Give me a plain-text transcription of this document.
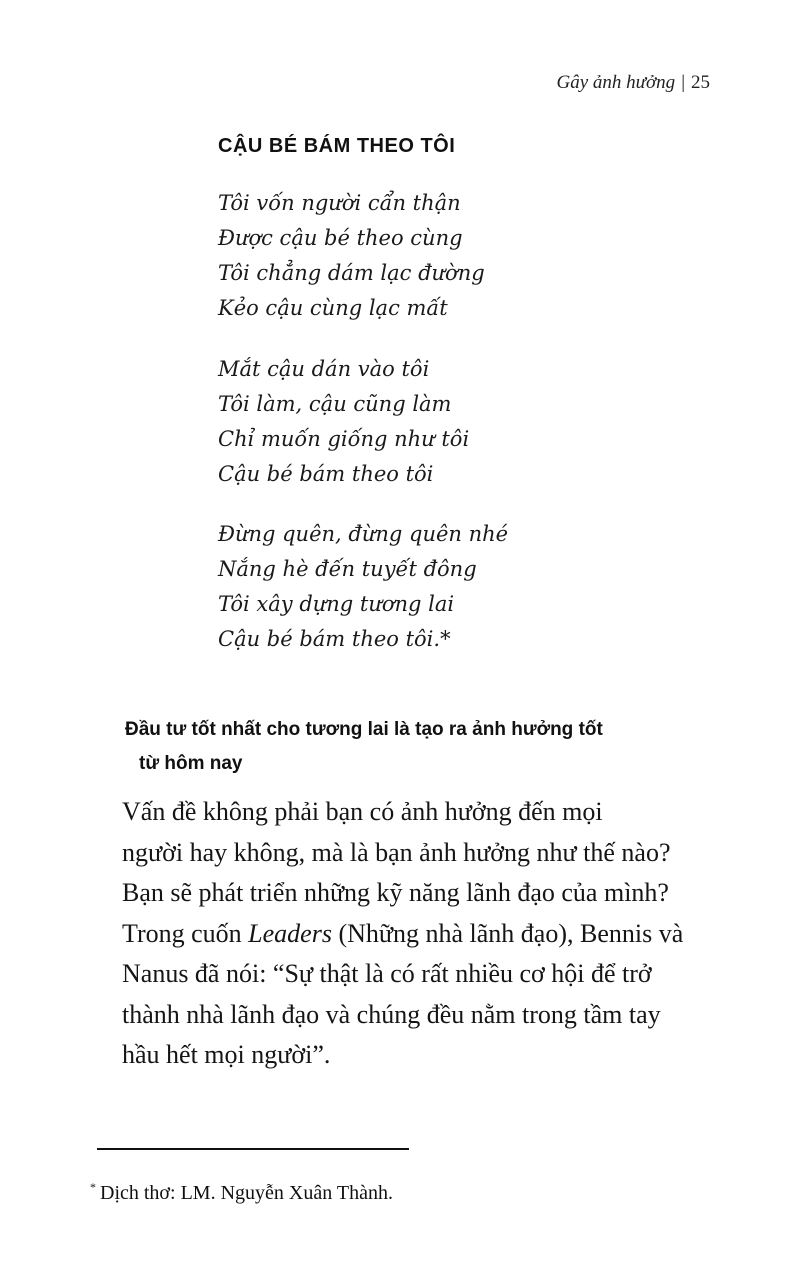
Gây ảnh hưởng | 25
CẬU BÉ BÁM THEO TÔI
Tôi vốn người cẩn thận
Được cậu bé theo cùng
Tôi chẳng dám lạc đường
Kẻo cậu cùng lạc mất
Mắt cậu dán vào tôi
Tôi làm, cậu cũng làm
Chỉ muốn giống như tôi
Cậu bé bám theo tôi
Đừng quên, đừng quên nhé
Nắng hè đến tuyết đông
Tôi xây dựng tương lai
Cậu bé bám theo tôi.*
Đầu tư tốt nhất cho tương lai là tạo ra ảnh hưởng tốt
từ hôm nay
Vấn đề không phải bạn có ảnh hưởng đến mọi
người hay không, mà là bạn ảnh hưởng như thế nào?
Bạn sẽ phát triển những kỹ năng lãnh đạo của mình?
Trong cuốn Leaders (Những nhà lãnh đạo), Bennis và
Nanus đã nói: “Sự thật là có rất nhiều cơ hội để trở
thành nhà lãnh đạo và chúng đều nằm trong tầm tay
hầu hết mọi người”.
* Dịch thơ: LM. Nguyễn Xuân Thành.
